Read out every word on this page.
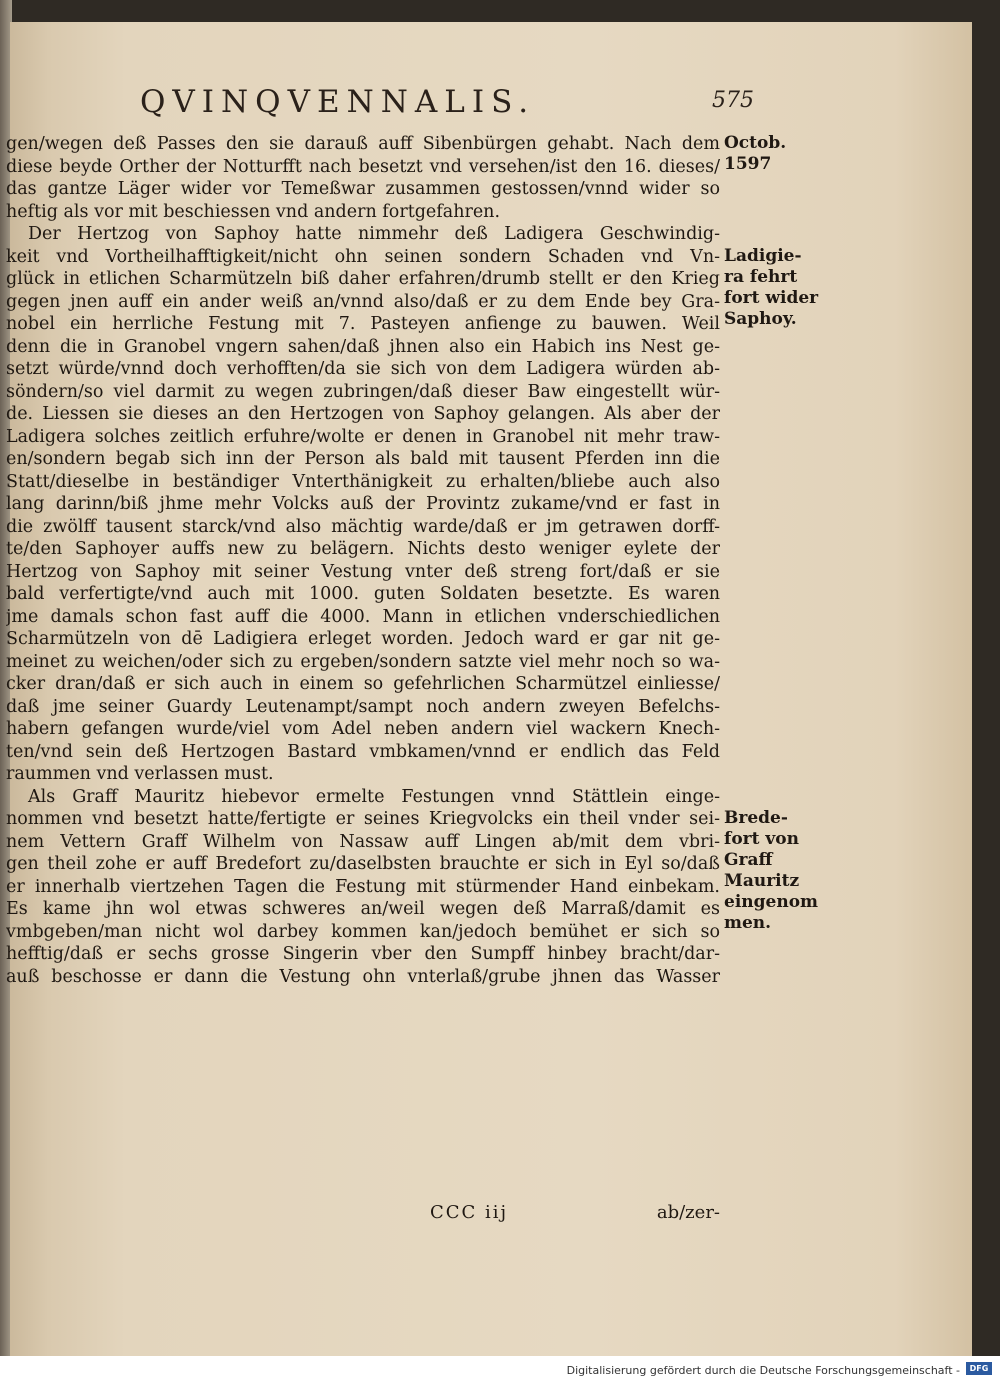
QVINQVENNALIS.	575
gen/wegen deß Passes den sie darauß auff Sibenbürgen gehabt. Nach dem
diese beyde Orther der Notturfft nach besetzt vnd versehen/ist den 16. dieses/
das gantze Läger wider vor Temeßwar zusammen gestossen/vnnd wider so
heftig als vor mit beschiessen vnd andern fortgefahren.
Der Hertzog von Saphoy hatte nimmehr deß Ladigera Geschwindig-
keit vnd Vortheilhafftigkeit/nicht ohn seinen sondern Schaden vnd Vn-
glück in etlichen Scharmützeln biß daher erfahren/drumb stellt er den Krieg
gegen jnen auff ein ander weiß an/vnnd also/daß er zu dem Ende bey Gra-
nobel ein herrliche Festung mit 7. Pasteyen anfienge zu bauwen. Weil
denn die in Granobel vngern sahen/daß jhnen also ein Habich ins Nest ge-
setzt würde/vnnd doch verhofften/da sie sich von dem Ladigera würden ab-
söndern/so viel darmit zu wegen zubringen/daß dieser Baw eingestellt wür-
de. Liessen sie dieses an den Hertzogen von Saphoy gelangen. Als aber der
Ladigera solches zeitlich erfuhre/wolte er denen in Granobel nit mehr traw-
en/sondern begab sich inn der Person als bald mit tausent Pferden inn die
Statt/dieselbe in beständiger Vnterthänigkeit zu erhalten/bliebe auch also
lang darinn/biß jhme mehr Volcks auß der Provintz zukame/vnd er fast in
die zwölff tausent starck/vnd also mächtig warde/daß er jm getrawen dorff-
te/den Saphoyer auffs new zu belägern. Nichts desto weniger eylete der
Hertzog von Saphoy mit seiner Vestung vnter deß streng fort/daß er sie
bald verfertigte/vnd auch mit 1000. guten Soldaten besetzte. Es waren
jme damals schon fast auff die 4000. Mann in etlichen vnderschiedlichen
Scharmützeln von dē Ladigiera erleget worden. Jedoch ward er gar nit ge-
meinet zu weichen/oder sich zu ergeben/sondern satzte viel mehr noch so wa-
cker dran/daß er sich auch in einem so gefehrlichen Scharmützel einliesse/
daß jme seiner Guardy Leutenampt/sampt noch andern zweyen Befelchs-
habern gefangen wurde/viel vom Adel neben andern viel wackern Knech-
ten/vnd sein deß Hertzogen Bastard vmbkamen/vnnd er endlich das Feld
raummen vnd verlassen must.
Als Graff Mauritz hiebevor ermelte Festungen vnnd Stättlein einge-
nommen vnd besetzt hatte/fertigte er seines Kriegvolcks ein theil vnder sei-
nem Vettern Graff Wilhelm von Nassaw auff Lingen ab/mit dem vbri-
gen theil zohe er auff Bredefort zu/daselbsten brauchte er sich in Eyl so/daß
er innerhalb viertzehen Tagen die Festung mit stürmender Hand einbekam.
Es kame jhn wol etwas schweres an/weil wegen deß Marraß/damit es
vmbgeben/man nicht wol darbey kommen kan/jedoch bemühet er sich so
hefftig/daß er sechs grosse Singerin vber den Sumpff hinbey bracht/dar-
auß beschosse er dann die Vestung ohn vnterlaß/grube jhnen das Wasser
Octob.
1597
Ladigie-
ra fehrt
fort wider
Saphoy.
Brede-
fort von
Graff
Mauritz
eingenom
men.
CCC iij	ab/zer-
Digitalisierung gefördert durch die Deutsche Forschungsgemeinschaft -	DFG
